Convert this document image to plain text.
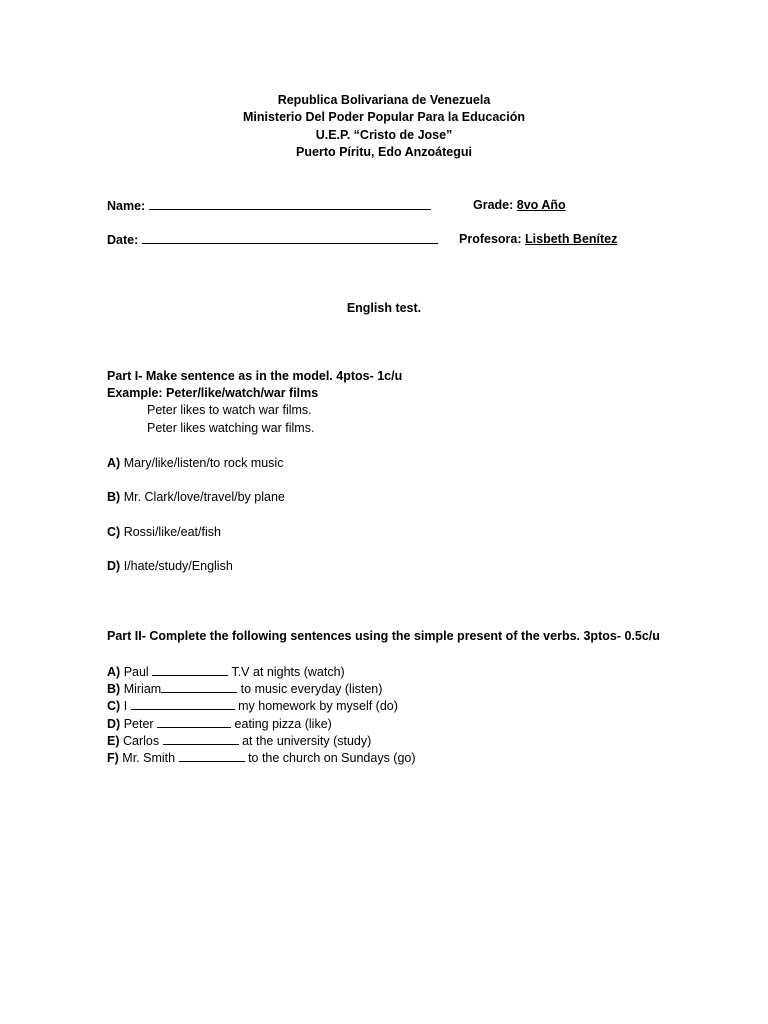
Republica Bolivariana de Venezuela
Ministerio Del Poder Popular Para la Educación
U.E.P. “Cristo de Jose”
Puerto Píritu, Edo Anzoátegui
Name:	Grade: 8vo Año
Date:	Profesora: Lisbeth Benítez
English test.
Part I- Make sentence as in the model. 4ptos- 1c/u
Example: Peter/like/watch/war films
Peter likes to watch war films.
Peter likes watching war films.
A) Mary/like/listen/to rock music
B) Mr. Clark/love/travel/by plane
C) Rossi/like/eat/fish
D) I/hate/study/English
Part II- Complete the following sentences using the simple present of the verbs. 3ptos- 0.5c/u
A) Paul	T.V at nights (watch)
B) Miriam	to music everyday (listen)
C) I	my homework by myself (do)
D) Peter	eating pizza (like)
E) Carlos	at the university (study)
F) Mr. Smith	to the church on Sundays (go)
